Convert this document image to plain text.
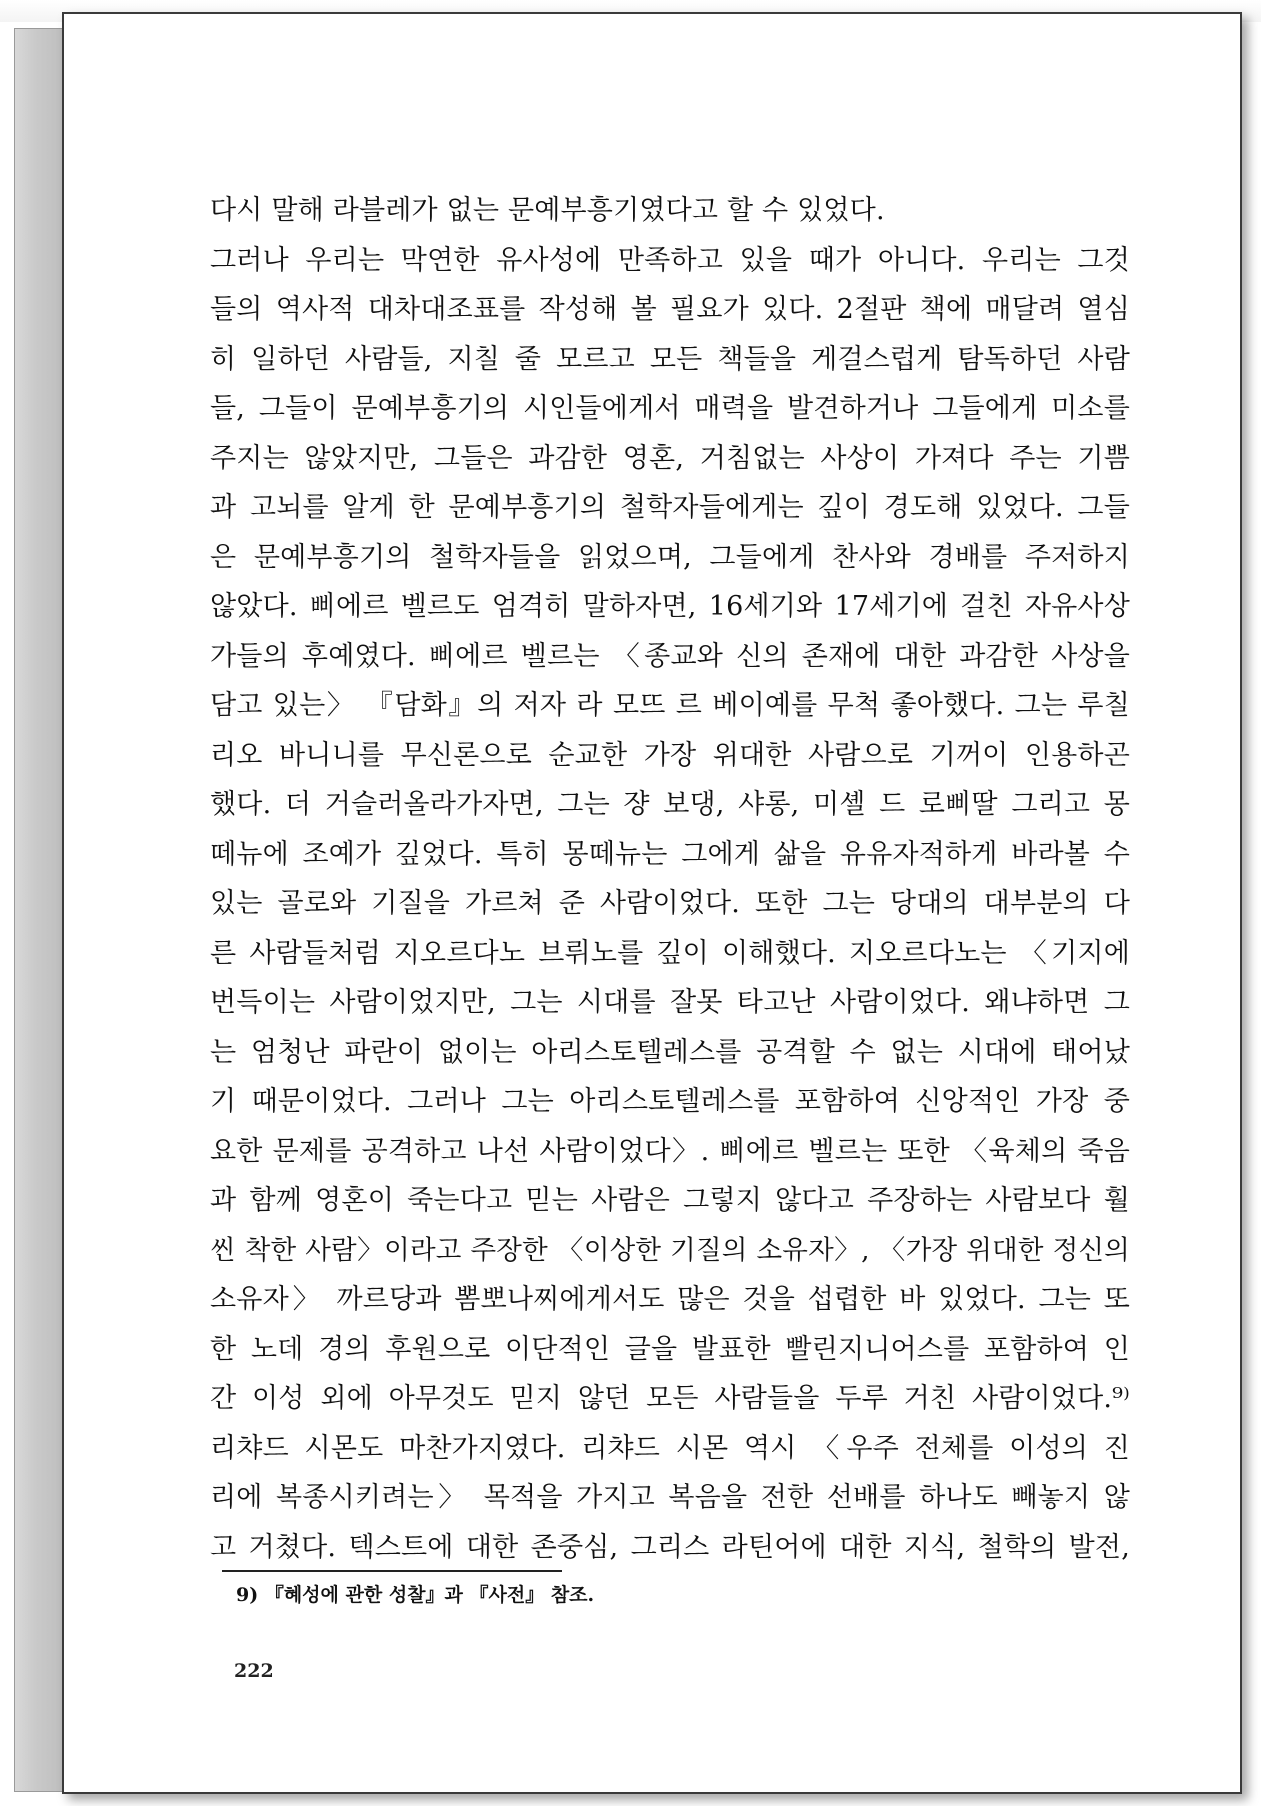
다시 말해 라블레가 없는 문예부흥기였다고 할 수 있었다.
그러나 우리는 막연한 유사성에 만족하고 있을 때가 아니다. 우리는 그것
들의 역사적 대차대조표를 작성해 볼 필요가 있다. 2절판 책에 매달려 열심
히 일하던 사람들, 지칠 줄 모르고 모든 책들을 게걸스럽게 탐독하던 사람
들, 그들이 문예부흥기의 시인들에게서 매력을 발견하거나 그들에게 미소를
주지는 않았지만, 그들은 과감한 영혼, 거침없는 사상이 가져다 주는 기쁨
과 고뇌를 알게 한 문예부흥기의 철학자들에게는 깊이 경도해 있었다. 그들
은 문예부흥기의 철학자들을 읽었으며, 그들에게 찬사와 경배를 주저하지
않았다. 삐에르 벨르도 엄격히 말하자면, 16세기와 17세기에 걸친 자유사상
가들의 후예였다. 삐에르 벨르는 〈종교와 신의 존재에 대한 과감한 사상을
담고 있는〉 『담화』의 저자 라 모뜨 르 베이예를 무척 좋아했다. 그는 루칠
리오 바니니를 무신론으로 순교한 가장 위대한 사람으로 기꺼이 인용하곤
했다. 더 거슬러올라가자면, 그는 쟝 보댕, 샤롱, 미셸 드 로삐딸 그리고 몽
떼뉴에 조예가 깊었다. 특히 몽떼뉴는 그에게 삶을 유유자적하게 바라볼 수
있는 골로와 기질을 가르쳐 준 사람이었다. 또한 그는 당대의 대부분의 다
른 사람들처럼 지오르다노 브뤼노를 깊이 이해했다. 지오르다노는 〈기지에
번득이는 사람이었지만, 그는 시대를 잘못 타고난 사람이었다. 왜냐하면 그
는 엄청난 파란이 없이는 아리스토텔레스를 공격할 수 없는 시대에 태어났
기 때문이었다. 그러나 그는 아리스토텔레스를 포함하여 신앙적인 가장 중
요한 문제를 공격하고 나선 사람이었다〉. 삐에르 벨르는 또한 〈육체의 죽음
과 함께 영혼이 죽는다고 믿는 사람은 그렇지 않다고 주장하는 사람보다 훨
씬 착한 사람〉이라고 주장한 〈이상한 기질의 소유자〉, 〈가장 위대한 정신의
소유자〉 까르당과 뽐뽀나찌에게서도 많은 것을 섭렵한 바 있었다. 그는 또
한 노데 경의 후원으로 이단적인 글을 발표한 빨린지니어스를 포함하여 인
간 이성 외에 아무것도 믿지 않던 모든 사람들을 두루 거친 사람이었다.⁹⁾
리챠드 시몬도 마찬가지였다. 리챠드 시몬 역시 〈우주 전체를 이성의 진
리에 복종시키려는〉 목적을 가지고 복음을 전한 선배를 하나도 빼놓지 않
고 거쳤다. 텍스트에 대한 존중심, 그리스 라틴어에 대한 지식, 철학의 발전,
9) 『혜성에 관한 성찰』과 『사전』 참조.
222
